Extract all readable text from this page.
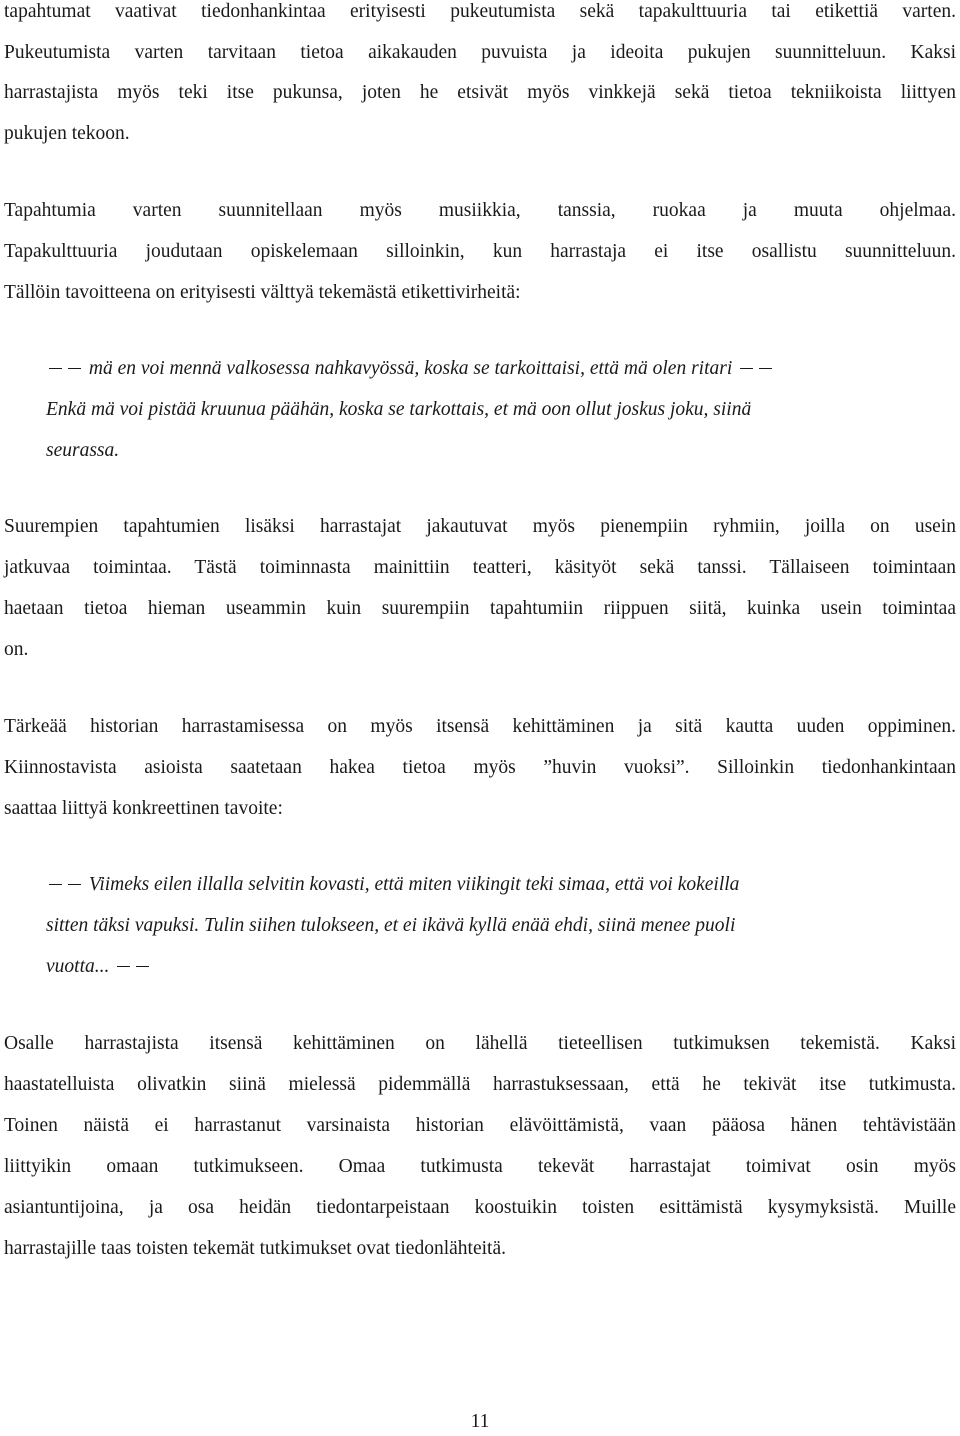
tapahtumat vaativat tiedonhankintaa erityisesti pukeutumista sekä tapakulttuuria tai etikettiä varten.
Pukeutumista varten tarvitaan tietoa aikakauden puvuista ja ideoita pukujen suunnitteluun. Kaksi
harrastajista myös teki itse pukunsa, joten he etsivät myös vinkkejä sekä tietoa tekniikoista liittyen
pukujen tekoon.
Tapahtumia varten suunnitellaan myös musiikkia, tanssia, ruokaa ja muuta ohjelmaa.
Tapakulttuuria joudutaan opiskelemaan silloinkin, kun harrastaja ei itse osallistu suunnitteluun.
Tällöin tavoitteena on erityisesti välttyä tekemästä etikettivirheitä:
mä en voi mennä valkosessa nahkavyössä, koska se tarkoittaisi, että mä olen ritari
Enkä mä voi pistää kruunua päähän, koska se tarkottais, et mä oon ollut joskus joku, siinä
seurassa.
Suurempien tapahtumien lisäksi harrastajat jakautuvat myös pienempiin ryhmiin, joilla on usein
jatkuvaa toimintaa. Tästä toiminnasta mainittiin teatteri, käsityöt sekä tanssi. Tällaiseen toimintaan
haetaan tietoa hieman useammin kuin suurempiin tapahtumiin riippuen siitä, kuinka usein toimintaa
on.
Tärkeää historian harrastamisessa on myös itsensä kehittäminen ja sitä kautta uuden oppiminen.
Kiinnostavista asioista saatetaan hakea tietoa myös ”huvin vuoksi”. Silloinkin tiedonhankintaan
saattaa liittyä konkreettinen tavoite:
Viimeks eilen illalla selvitin kovasti, että miten viikingit teki simaa, että voi kokeilla
sitten täksi vapuksi. Tulin siihen tulokseen, et ei ikävä kyllä enää ehdi, siinä menee puoli
vuotta...
Osalle harrastajista itsensä kehittäminen on lähellä tieteellisen tutkimuksen tekemistä. Kaksi
haastatelluista olivatkin siinä mielessä pidemmällä harrastuksessaan, että he tekivät itse tutkimusta.
Toinen näistä ei harrastanut varsinaista historian elävöittämistä, vaan pääosa hänen tehtävistään
liittyikin omaan tutkimukseen. Omaa tutkimusta tekevät harrastajat toimivat osin myös
asiantuntijoina, ja osa heidän tiedontarpeistaan koostuikin toisten esittämistä kysymyksistä. Muille
harrastajille taas toisten tekemät tutkimukset ovat tiedonlähteitä.
11
